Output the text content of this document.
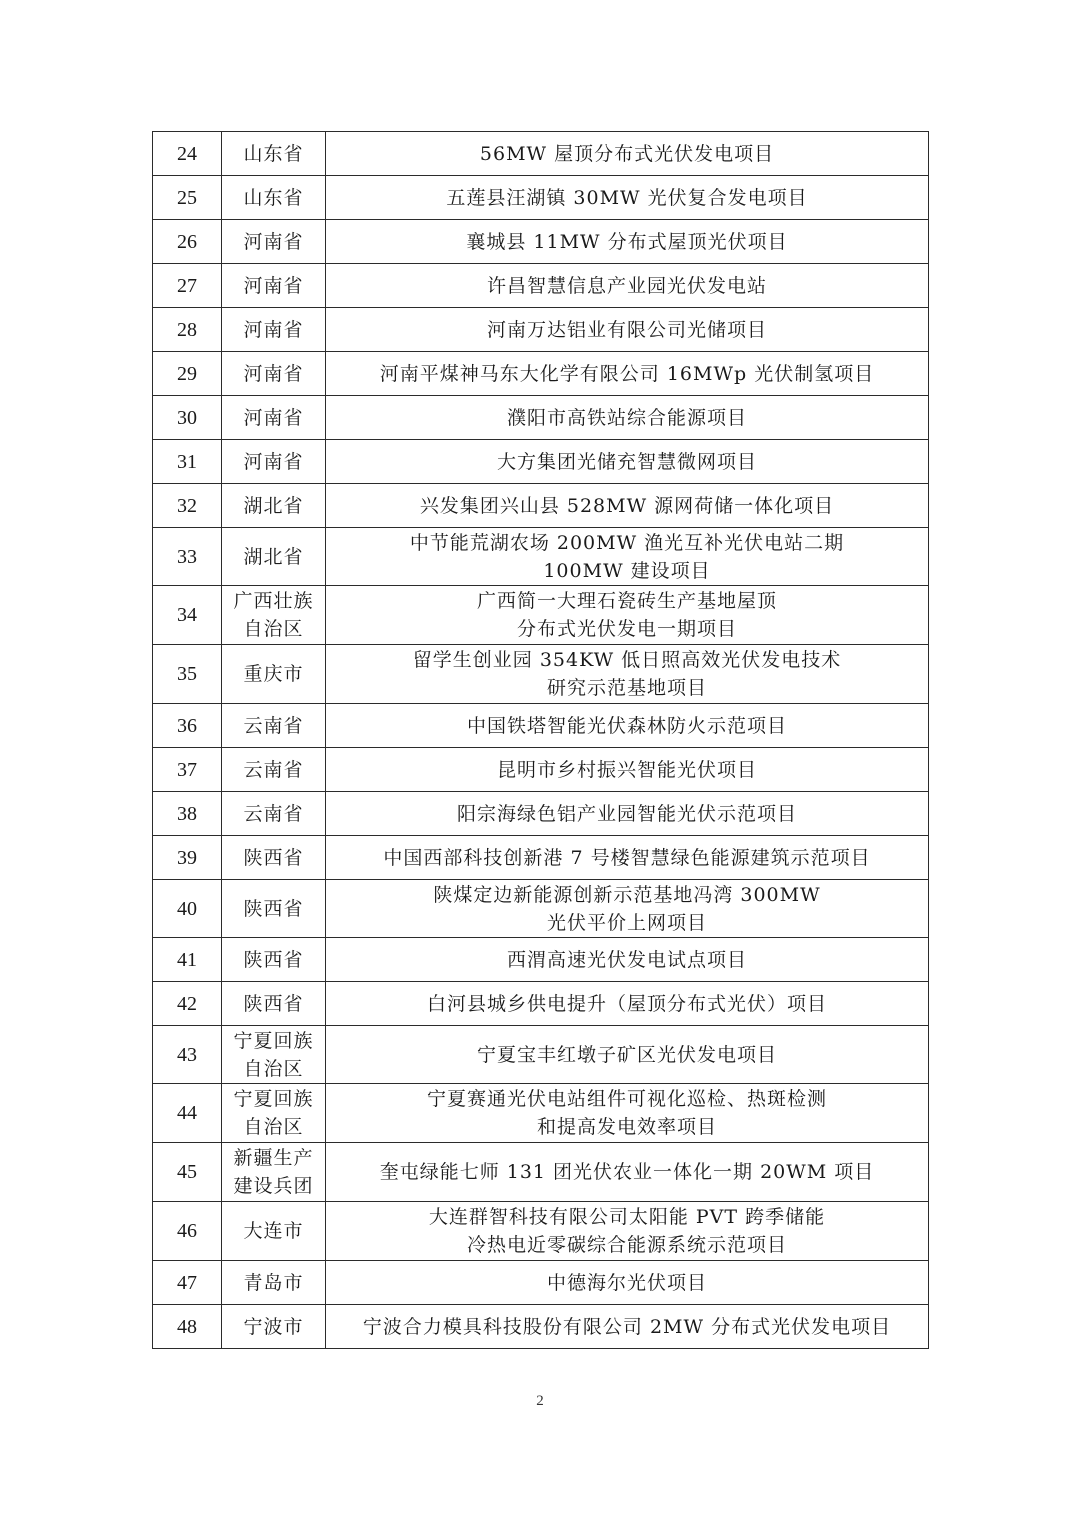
24	山东省	56MW 屋顶分布式光伏发电项目

25	山东省	五莲县汪湖镇 30MW 光伏复合发电项目

26	河南省	襄城县 11MW 分布式屋顶光伏项目

27	河南省	许昌智慧信息产业园光伏发电站

28	河南省	河南万达铝业有限公司光储项目

29	河南省	河南平煤神马东大化学有限公司 16MWp 光伏制氢项目

30	河南省	濮阳市高铁站综合能源项目

31	河南省	大方集团光储充智慧微网项目

32	湖北省	兴发集团兴山县 528MW 源网荷储一体化项目

33	湖北省	中节能荒湖农场 200MW 渔光互补光伏电站二期
100MW 建设项目

34	广西壮族
自治区	广西简一大理石瓷砖生产基地屋顶
分布式光伏发电一期项目

35	重庆市	留学生创业园 354KW 低日照高效光伏发电技术
研究示范基地项目

36	云南省	中国铁塔智能光伏森林防火示范项目

37	云南省	昆明市乡村振兴智能光伏项目

38	云南省	阳宗海绿色铝产业园智能光伏示范项目

39	陕西省	中国西部科技创新港 7 号楼智慧绿色能源建筑示范项目

40	陕西省	陕煤定边新能源创新示范基地冯湾 300MW
光伏平价上网项目

41	陕西省	西渭高速光伏发电试点项目

42	陕西省	白河县城乡供电提升（屋顶分布式光伏）项目

43	宁夏回族
自治区	宁夏宝丰红墩子矿区光伏发电项目

44	宁夏回族
自治区	宁夏赛通光伏电站组件可视化巡检、热斑检测
和提高发电效率项目

45	新疆生产
建设兵团	奎屯绿能七师 131 团光伏农业一体化一期 20WM 项目

46	大连市	大连群智科技有限公司太阳能 PVT 跨季储能
冷热电近零碳综合能源系统示范项目

47	青岛市	中德海尔光伏项目

48	宁波市	宁波合力模具科技股份有限公司 2MW 分布式光伏发电项目
2
